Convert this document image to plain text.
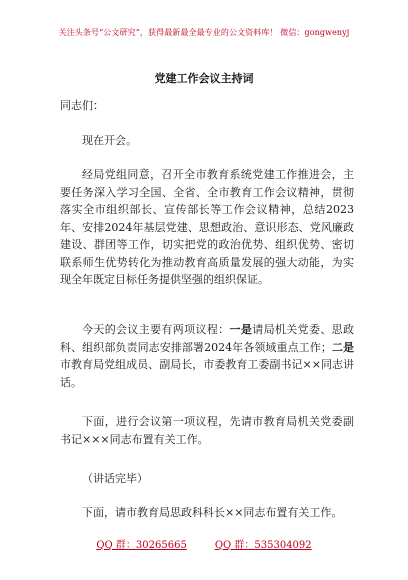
关注头条号“公文研究”，获得最新最全最专业的公文资料库！ 微信：gongwenyj
党建工作会议主持词
同志们：
现在开会。
经局党组同意，召开全市教育系统党建工作推进会，主要任务深入学习全国、全省、全市教育工作会议精神，贯彻落实全市组织部长、宣传部长等工作会议精神，总结2023年、安排2024年基层党建、思想政治、意识形态、党风廉政建设、群团等工作，切实把党的政治优势、组织优势、密切联系师生优势转化为推动教育高质量发展的强大动能，为实现全年既定目标任务提供坚强的组织保证。
今天的会议主要有两项议程：一是请局机关党委、思政科、组织部负责同志安排部署2024年各领域重点工作；二是市教育局党组成员、副局长，市委教育工委副书记××同志讲话。
下面，进行会议第一项议程，先请市教育局机关党委副书记×××同志布置有关工作。
（讲话完毕）
下面，请市教育局思政科科长××同志布置有关工作。
QQ 群：30265665	QQ 群：535304092
